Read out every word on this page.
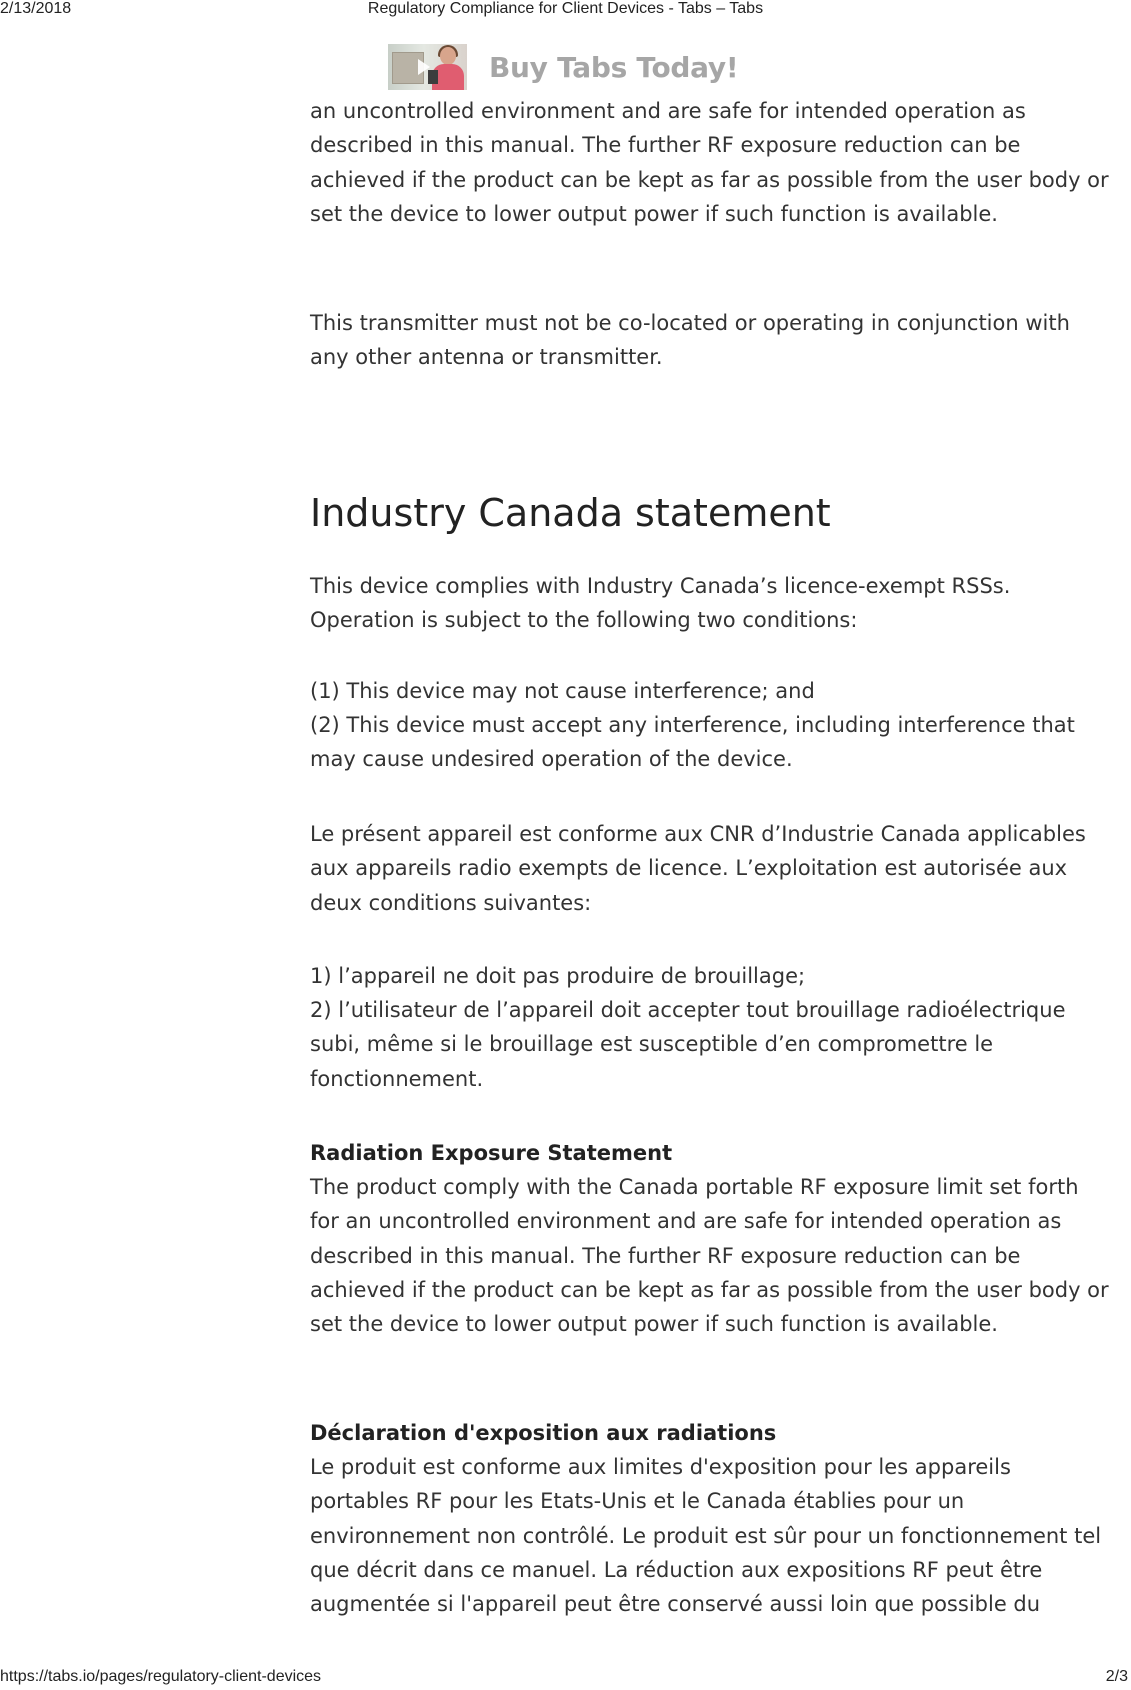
2/13/2018	Regulatory Compliance for Client Devices - Tabs – Tabs
Buy Tabs Today!

an uncontrolled environment and are safe for intended operation as described in this manual. The further RF exposure reduction can be achieved if the product can be kept as far as possible from the user body or set the device to lower output power if such function is available.

This transmitter must not be co-located or operating in conjunction with any other antenna or transmitter.

Industry Canada statement

This device complies with Industry Canada’s licence-exempt RSSs. Operation is subject to the following two conditions:

(1) This device may not cause interference; and

(2) This device must accept any interference, including interference that may cause undesired operation of the device.

Le présent appareil est conforme aux CNR d’Industrie Canada applicables aux appareils radio exempts de licence. L’exploitation est autorisée aux deux conditions suivantes:

1) l’appareil ne doit pas produire de brouillage;

2) l’utilisateur de l’appareil doit accepter tout brouillage radioélectrique subi, même si le brouillage est susceptible d’en compromettre le fonctionnement.

Radiation Exposure Statement

The product comply with the Canada portable RF exposure limit set forth for an uncontrolled environment and are safe for intended operation as described in this manual. The further RF exposure reduction can be achieved if the product can be kept as far as possible from the user body or set the device to lower output power if such function is available.

Déclaration d'exposition aux radiations

Le produit est conforme aux limites d'exposition pour les appareils portables RF pour les Etats-Unis et le Canada établies pour un environnement non contrôlé. Le produit est sûr pour un fonctionnement tel que décrit dans ce manuel. La réduction aux expositions RF peut être augmentée si l'appareil peut être conservé aussi loin que possible du

https://tabs.io/pages/regulatory-client-devices	2/3
